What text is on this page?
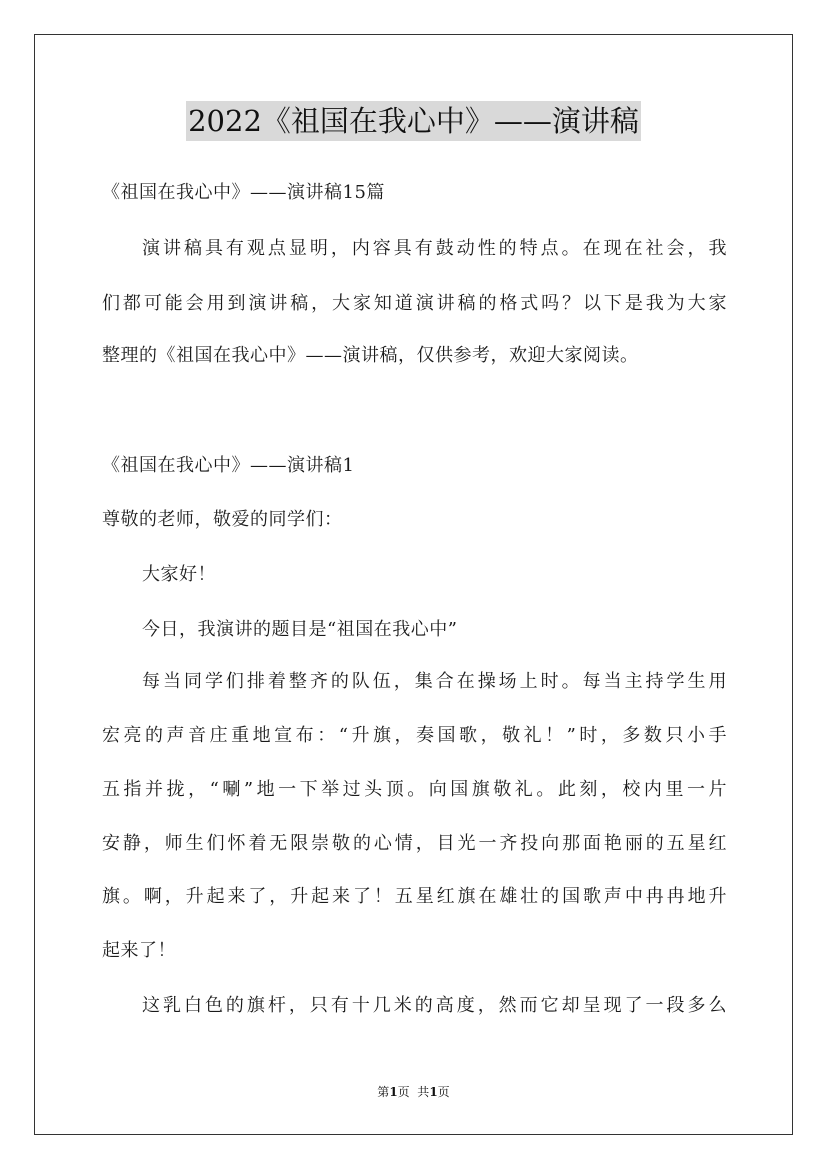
2022《祖国在我心中》——演讲稿
《祖国在我心中》——演讲稿15篇
演讲稿具有观点显明，内容具有鼓动性的特点。在现在社会，我
们都可能会用到演讲稿，大家知道演讲稿的格式吗？以下是我为大家
整理的《祖国在我心中》——演讲稿，仅供参考，欢迎大家阅读。
《祖国在我心中》——演讲稿1
尊敬的老师，敬爱的同学们：
大家好！
今日，我演讲的题目是“祖国在我心中”
每当同学们排着整齐的队伍，集合在操场上时。每当主持学生用
宏亮的声音庄重地宣布：“升旗，奏国歌，敬礼！”时，多数只小手
五指并拢，“唰”地一下举过头顶。向国旗敬礼。此刻，校内里一片
安静，师生们怀着无限崇敬的心情，目光一齐投向那面艳丽的五星红
旗。啊，升起来了，升起来了！五星红旗在雄壮的国歌声中冉冉地升
起来了！
这乳白色的旗杆，只有十几米的高度，然而它却呈现了一段多么
第1页  共1页
